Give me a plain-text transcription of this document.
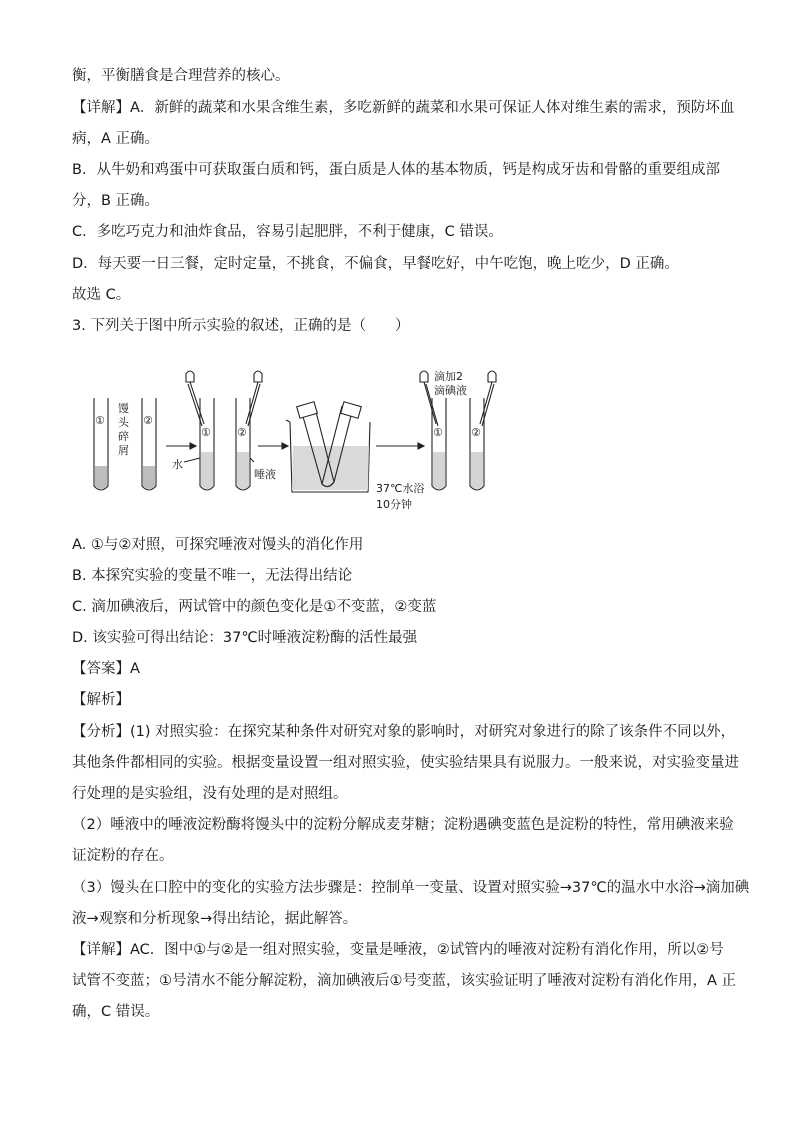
衡，平衡膳食是合理营养的核心。
【详解】A．新鲜的蔬菜和水果含维生素，多吃新鲜的蔬菜和水果可保证人体对维生素的需求，预防坏血
病，A 正确。
B．从牛奶和鸡蛋中可获取蛋白质和钙，蛋白质是人体的基本物质，钙是构成牙齿和骨骼的重要组成部
分，B 正确。
C．多吃巧克力和油炸食品，容易引起肥胖，不利于健康，C 错误。
D．每天要一日三餐，定时定量，不挑食，不偏食，早餐吃好，中午吃饱，晚上吃少，D 正确。
故选 C。
3. 下列关于图中所示实验的叙述，正确的是（　　）
①	②
① ②	①	②
馒 头 碎 屑
水
唾液
37℃水浴
10分钟
滴加2 滴碘液
A. ①与②对照，可探究唾液对馒头的消化作用
B. 本探究实验的变量不唯一，无法得出结论
C. 滴加碘液后，两试管中的颜色变化是①不变蓝，②变蓝
D. 该实验可得出结论：37℃时唾液淀粉酶的活性最强
【答案】A
【解析】
【分析】(1) 对照实验：在探究某种条件对研究对象的影响时，对研究对象进行的除了该条件不同以外，
其他条件都相同的实验。根据变量设置一组对照实验，使实验结果具有说服力。一般来说，对实验变量进
行处理的是实验组，没有处理的是对照组。
（2）唾液中的唾液淀粉酶将馒头中的淀粉分解成麦芽糖；淀粉遇碘变蓝色是淀粉的特性，常用碘液来验
证淀粉的存在。
（3）馒头在口腔中的变化的实验方法步骤是：控制单一变量、设置对照实验→37℃的温水中水浴→滴加碘
液→观察和分析现象→得出结论，据此解答。
【详解】AC．图中①与②是一组对照实验，变量是唾液，②试管内的唾液对淀粉有消化作用，所以②号
试管不变蓝；①号清水不能分解淀粉，滴加碘液后①号变蓝，该实验证明了唾液对淀粉有消化作用，A 正
确，C 错误。
